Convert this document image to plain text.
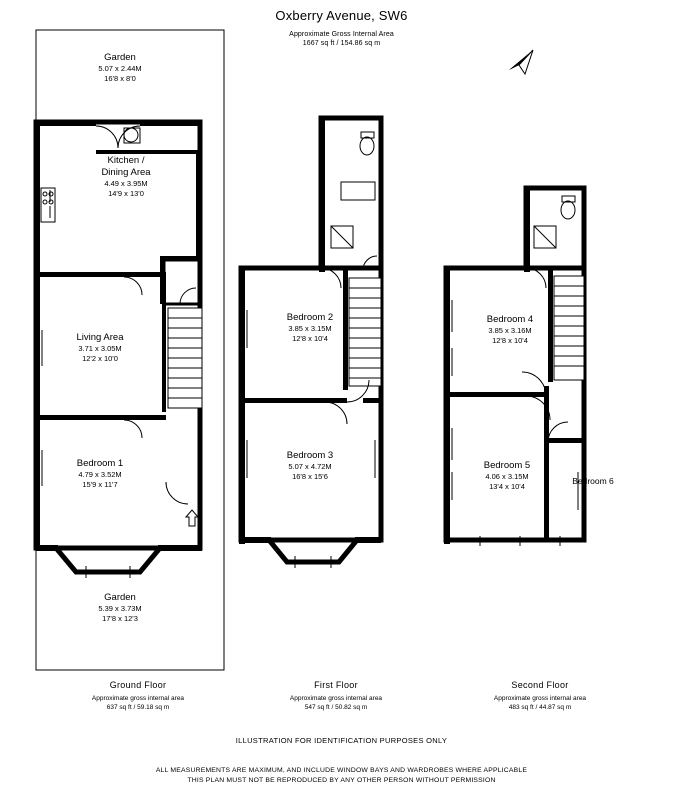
Oxberry Avenue, SW6
Approximate Gross Internal Area
1667 sq ft / 154.86 sq m
Garden
5.07 x 2.44M
16'8 x 8'0
Kitchen /
Dining Area
4.49 x 3.95M
14'9 x 13'0
Living Area
3.71 x 3.05M
12'2 x 10'0
Bedroom 1
4.79 x 3.52M
15'9 x 11'7
Garden
5.39 x 3.73M
17'8 x 12'3
Bedroom 2
3.85 x 3.15M
12'8 x 10'4
Bedroom 3
5.07 x 4.72M
16'8 x 15'6
Bedroom 4
3.85 x 3.16M
12'8 x 10'4
Bedroom 5
4.06 x 3.15M
13'4 x 10'4
Bedroom 6
Ground Floor
Approximate gross internal area
637 sq ft / 59.18 sq m
First Floor
Approximate gross internal area
547 sq ft / 50.82 sq m
Second Floor
Approximate gross internal area
483 sq ft / 44.87 sq m
ILLUSTRATION FOR IDENTIFICATION PURPOSES ONLY
ALL MEASUREMENTS ARE MAXIMUM, AND INCLUDE WINDOW BAYS AND WARDROBES WHERE APPLICABLE
THIS PLAN MUST NOT BE REPRODUCED BY ANY OTHER PERSON WITHOUT PERMISSION
